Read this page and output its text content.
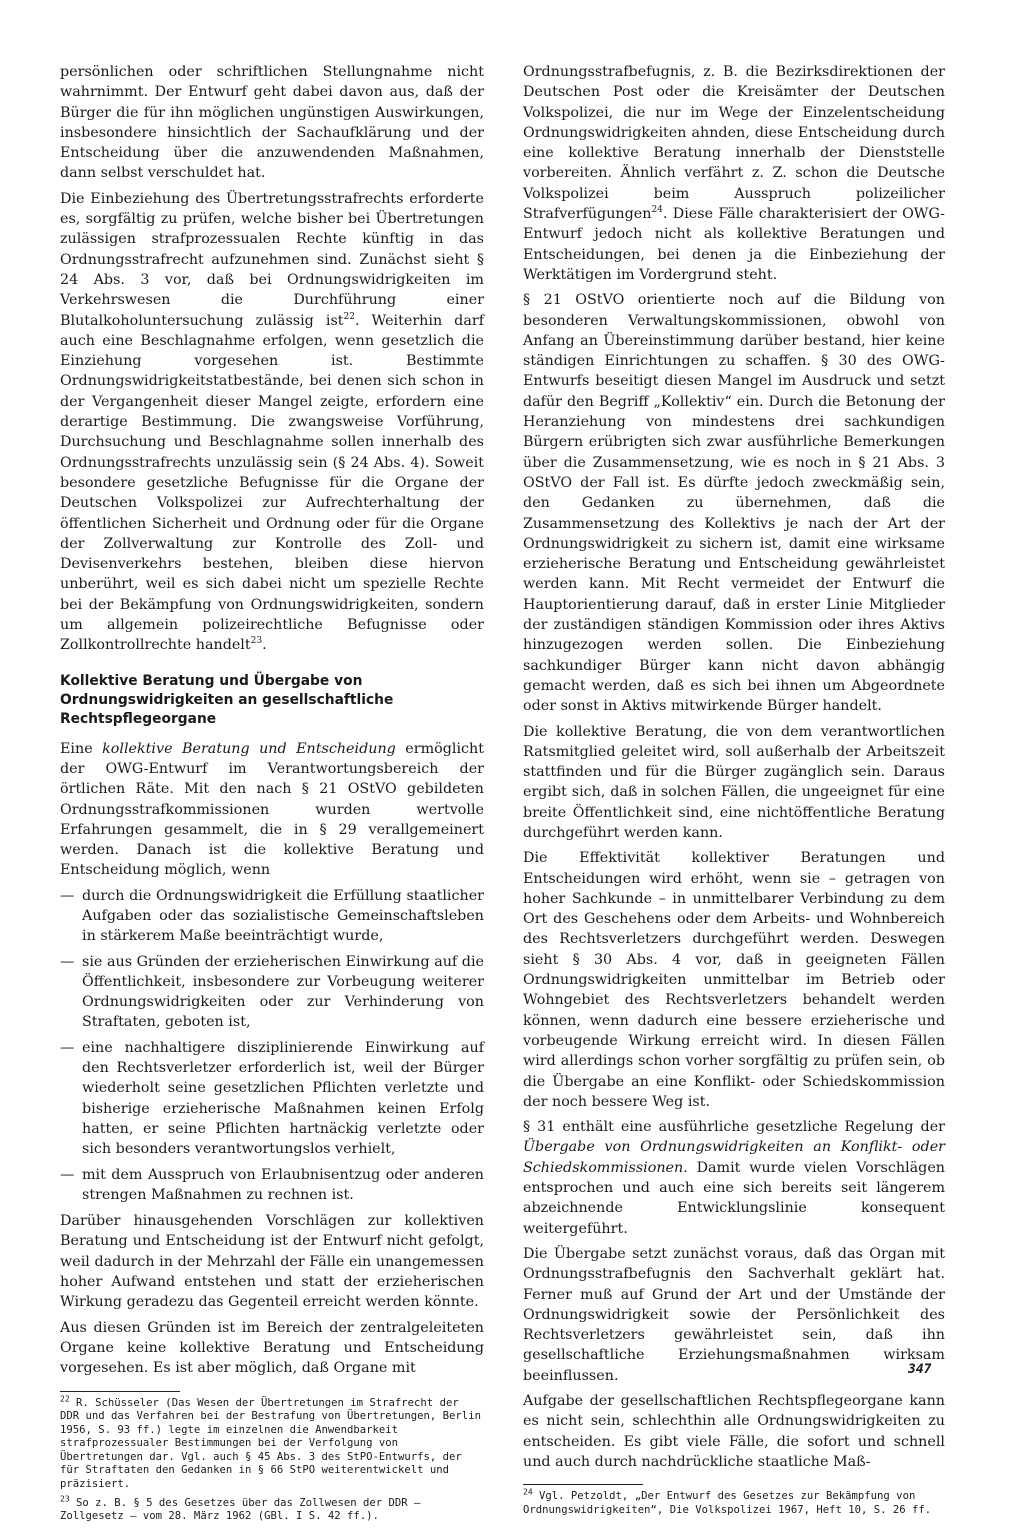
persönlichen oder schriftlichen Stellungnahme nicht wahrnimmt. Der Entwurf geht dabei davon aus, daß der Bürger die für ihn möglichen ungünstigen Auswirkungen, insbesondere hinsichtlich der Sachaufklärung und der Entscheidung über die anzuwendenden Maßnahmen, dann selbst verschuldet hat.

Die Einbeziehung des Übertretungsstrafrechts erforderte es, sorgfältig zu prüfen, welche bisher bei Übertretungen zulässigen strafprozessualen Rechte künftig in das Ordnungsstrafrecht aufzunehmen sind. Zunächst sieht § 24 Abs. 3 vor, daß bei Ordnungswidrigkeiten im Verkehrswesen die Durchführung einer Blutalkoholuntersuchung zulässig ist$^{22}$. Weiterhin darf auch eine Beschlagnahme erfolgen, wenn gesetzlich die Einziehung vorgesehen ist. Bestimmte Ordnungswidrigkeitstatbestände, bei denen sich schon in der Vergangenheit dieser Mangel zeigte, erfordern eine derartige Bestimmung. Die zwangsweise Vorführung, Durchsuchung und Beschlagnahme sollen innerhalb des Ordnungsstrafrechts unzulässig sein (§ 24 Abs. 4). Soweit besondere gesetzliche Befugnisse für die Organe der Deutschen Volkspolizei zur Aufrechterhaltung der öffentlichen Sicherheit und Ordnung oder für die Organe der Zollverwaltung zur Kontrolle des Zoll- und Devisenverkehrs bestehen, bleiben diese hiervon unberührt, weil es sich dabei nicht um spezielle Rechte bei der Bekämpfung von Ordnungswidrigkeiten, sondern um allgemein polizeirechtliche Befugnisse oder Zollkontrollrechte handelt$^{23}$.

Kollektive Beratung und Übergabe von Ordnungswidrigkeiten an gesellschaftliche Rechtspflegeorgane

Eine kollektive Beratung und Entscheidung ermöglicht der OWG-Entwurf im Verantwortungsbereich der örtlichen Räte. Mit den nach § 21 OStVO gebildeten Ordnungsstrafkommissionen wurden wertvolle Erfahrungen gesammelt, die in § 29 verallgemeinert werden. Danach ist die kollektive Beratung und Entscheidung möglich, wenn

— durch die Ordnungswidrigkeit die Erfüllung staatlicher Aufgaben oder das sozialistische Gemeinschaftsleben in stärkerem Maße beeinträchtigt wurde,
— sie aus Gründen der erzieherischen Einwirkung auf die Öffentlichkeit, insbesondere zur Vorbeugung weiterer Ordnungswidrigkeiten oder zur Verhinderung von Straftaten, geboten ist,
— eine nachhaltigere disziplinierende Einwirkung auf den Rechtsverletzer erforderlich ist, weil der Bürger wiederholt seine gesetzlichen Pflichten verletzte und bisherige erzieherische Maßnahmen keinen Erfolg hatten, er seine Pflichten hartnäckig verletzte oder sich besonders verantwortungslos verhielt,
— mit dem Ausspruch von Erlaubnisentzug oder anderen strengen Maßnahmen zu rechnen ist.

Darüber hinausgehenden Vorschlägen zur kollektiven Beratung und Entscheidung ist der Entwurf nicht gefolgt, weil dadurch in der Mehrzahl der Fälle ein unangemessen hoher Aufwand entstehen und statt der erzieherischen Wirkung geradezu das Gegenteil erreicht werden könnte.

Aus diesen Gründen ist im Bereich der zentralgeleiteten Organe keine kollektive Beratung und Entscheidung vorgesehen. Es ist aber möglich, daß Organe mit

$^{22}$ R. Schüsseler (Das Wesen der Übertretungen im Strafrecht der DDR und das Verfahren bei der Bestrafung von Übertretungen, Berlin 1956, S. 93 ff.) legte im einzelnen die Anwendbarkeit strafprozessualer Bestimmungen bei der Verfolgung von Übertretungen dar. Vgl. auch § 45 Abs. 3 des StPO-Entwurfs, der für Straftaten den Gedanken in § 66 StPO weiterentwickelt und präzisiert.

$^{23}$ So z. B. § 5 des Gesetzes über das Zollwesen der DDR – Zollgesetz – vom 28. März 1962 (GBl. I S. 42 ff.).

Ordnungsstrafbefugnis, z. B. die Bezirksdirektionen der Deutschen Post oder die Kreisämter der Deutschen Volkspolizei, die nur im Wege der Einzelentscheidung Ordnungswidrigkeiten ahnden, diese Entscheidung durch eine kollektive Beratung innerhalb der Dienststelle vorbereiten. Ähnlich verfährt z. Z. schon die Deutsche Volkspolizei beim Ausspruch polizeilicher Strafverfügungen$^{24}$. Diese Fälle charakterisiert der OWG-Entwurf jedoch nicht als kollektive Beratungen und Entscheidungen, bei denen ja die Einbeziehung der Werktätigen im Vordergrund steht.

§ 21 OStVO orientierte noch auf die Bildung von besonderen Verwaltungskommissionen, obwohl von Anfang an Übereinstimmung darüber bestand, hier keine ständigen Einrichtungen zu schaffen. § 30 des OWG-Entwurfs beseitigt diesen Mangel im Ausdruck und setzt dafür den Begriff „Kollektiv“ ein. Durch die Betonung der Heranziehung von mindestens drei sachkundigen Bürgern erübrigten sich zwar ausführliche Bemerkungen über die Zusammensetzung, wie es noch in § 21 Abs. 3 OStVO der Fall ist. Es dürfte jedoch zweckmäßig sein, den Gedanken zu übernehmen, daß die Zusammensetzung des Kollektivs je nach der Art der Ordnungswidrigkeit zu sichern ist, damit eine wirksame erzieherische Beratung und Entscheidung gewährleistet werden kann. Mit Recht vermeidet der Entwurf die Hauptorientierung darauf, daß in erster Linie Mitglieder der zuständigen ständigen Kommission oder ihres Aktivs hinzugezogen werden sollen. Die Einbeziehung sachkundiger Bürger kann nicht davon abhängig gemacht werden, daß es sich bei ihnen um Abgeordnete oder sonst in Aktivs mitwirkende Bürger handelt.

Die kollektive Beratung, die von dem verantwortlichen Ratsmitglied geleitet wird, soll außerhalb der Arbeitszeit stattfinden und für die Bürger zugänglich sein. Daraus ergibt sich, daß in solchen Fällen, die ungeeignet für eine breite Öffentlichkeit sind, eine nichtöffentliche Beratung durchgeführt werden kann.

Die Effektivität kollektiver Beratungen und Entscheidungen wird erhöht, wenn sie – getragen von hoher Sachkunde – in unmittelbarer Verbindung zu dem Ort des Geschehens oder dem Arbeits- und Wohnbereich des Rechtsverletzers durchgeführt werden. Deswegen sieht § 30 Abs. 4 vor, daß in geeigneten Fällen Ordnungswidrigkeiten unmittelbar im Betrieb oder Wohngebiet des Rechtsverletzers behandelt werden können, wenn dadurch eine bessere erzieherische und vorbeugende Wirkung erreicht wird. In diesen Fällen wird allerdings schon vorher sorgfältig zu prüfen sein, ob die Übergabe an eine Konflikt- oder Schiedskommission der noch bessere Weg ist.

§ 31 enthält eine ausführliche gesetzliche Regelung der Übergabe von Ordnungswidrigkeiten an Konflikt- oder Schiedskommissionen. Damit wurde vielen Vorschlägen entsprochen und auch eine sich bereits seit längerem abzeichnende Entwicklungslinie konsequent weitergeführt.

Die Übergabe setzt zunächst voraus, daß das Organ mit Ordnungsstrafbefugnis den Sachverhalt geklärt hat. Ferner muß auf Grund der Art und der Umstände der Ordnungswidrigkeit sowie der Persönlichkeit des Rechtsverletzers gewährleistet sein, daß ihn gesellschaftliche Erziehungsmaßnahmen wirksam beeinflussen.

Aufgabe der gesellschaftlichen Rechtspflegeorgane kann es nicht sein, schlechthin alle Ordnungswidrigkeiten zu entscheiden. Es gibt viele Fälle, die sofort und schnell und auch durch nachdrückliche staatliche Maß-

$^{24}$ Vgl. Petzoldt, „Der Entwurf des Gesetzes zur Bekämpfung von Ordnungswidrigkeiten“, Die Volkspolizei 1967, Heft 10, S. 26 ff.

347
